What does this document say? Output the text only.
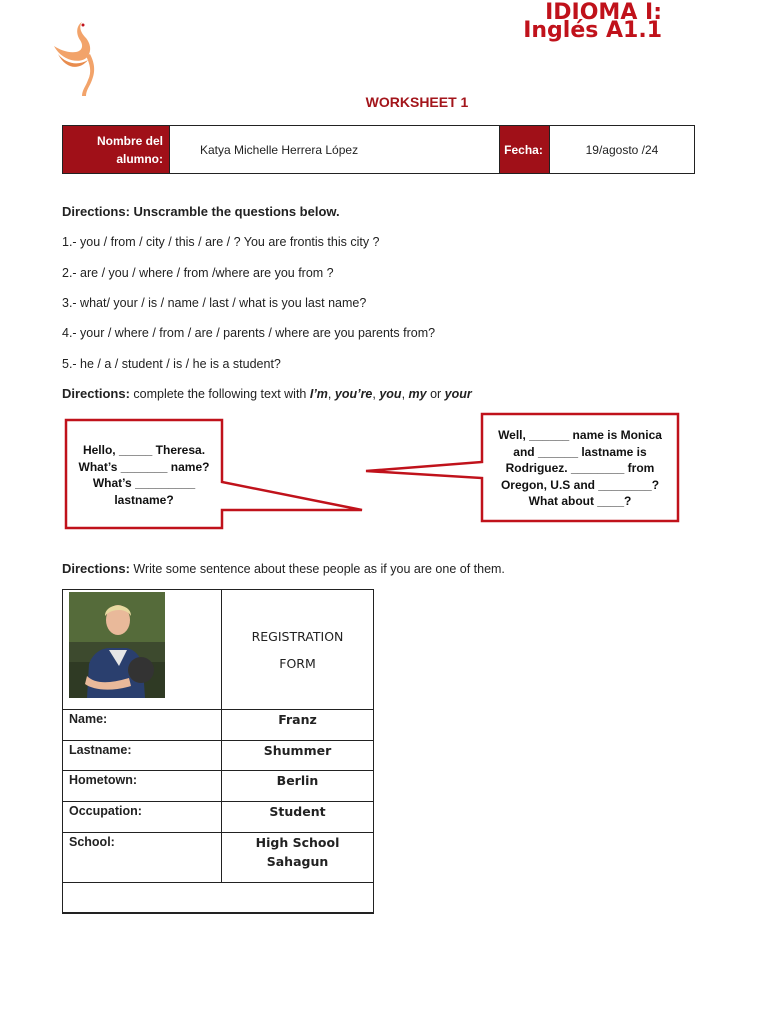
IDIOMA I:
Inglés A1.1
WORKSHEET 1
Nombre del alumno:	Katya Michelle Herrera López	Fecha:	19/agosto /24
Directions: Unscramble the questions below.
1.- you / from / city / this / are / ? You are frontis this city ?
2.- are / you / where / from /where are you from ?
3.- what/ your / is / name / last / what is you last name?
4.- your / where / from / are / parents / where are you parents from?
5.- he / a / student / is / he is a student?
Directions: complete the following text with I’m, you’re, you, my or your
Hello, _____ Theresa.
What’s _______ name?
What’s _________
lastname?
Well, ______ name is Monica
and ______ lastname is
Rodriguez. ________ from
Oregon, U.S and ________?
What about ____?
Directions: Write some sentence about these people as if you are one of them.

REGISTRATION
FORM

Name:	Franz
Lastname:	Shummer
Hometown:	Berlin
Occupation:	Student
School:	High School Sahagun
